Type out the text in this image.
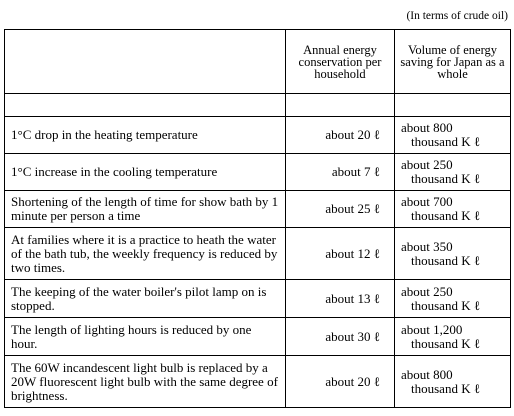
(In terms of crude oil)
	Annual energy conservation per household	Volume of energy saving for Japan as a whole

1°C drop in the heating temperature	about 20 ℓ	about 800
thousand K ℓ

1°C increase in the cooling temperature	about 7 ℓ	about 250
thousand K ℓ

Shortening of the length of time for show bath by 1 minute per person a time	about 25 ℓ	about 700
thousand K ℓ

At families where it is a practice to heath the water of the bath tub, the weekly frequency is reduced by two times.	about 12 ℓ	about 350
thousand K ℓ

The keeping of the water boiler's pilot lamp on is stopped.	about 13 ℓ	about 250
thousand K ℓ

The length of lighting hours is reduced by one hour.	about 30 ℓ	about 1,200
thousand K ℓ

The 60W incandescent light bulb is replaced by a 20W fluorescent light bulb with the same degree of brightness.	about 20 ℓ	about 800
thousand K ℓ
